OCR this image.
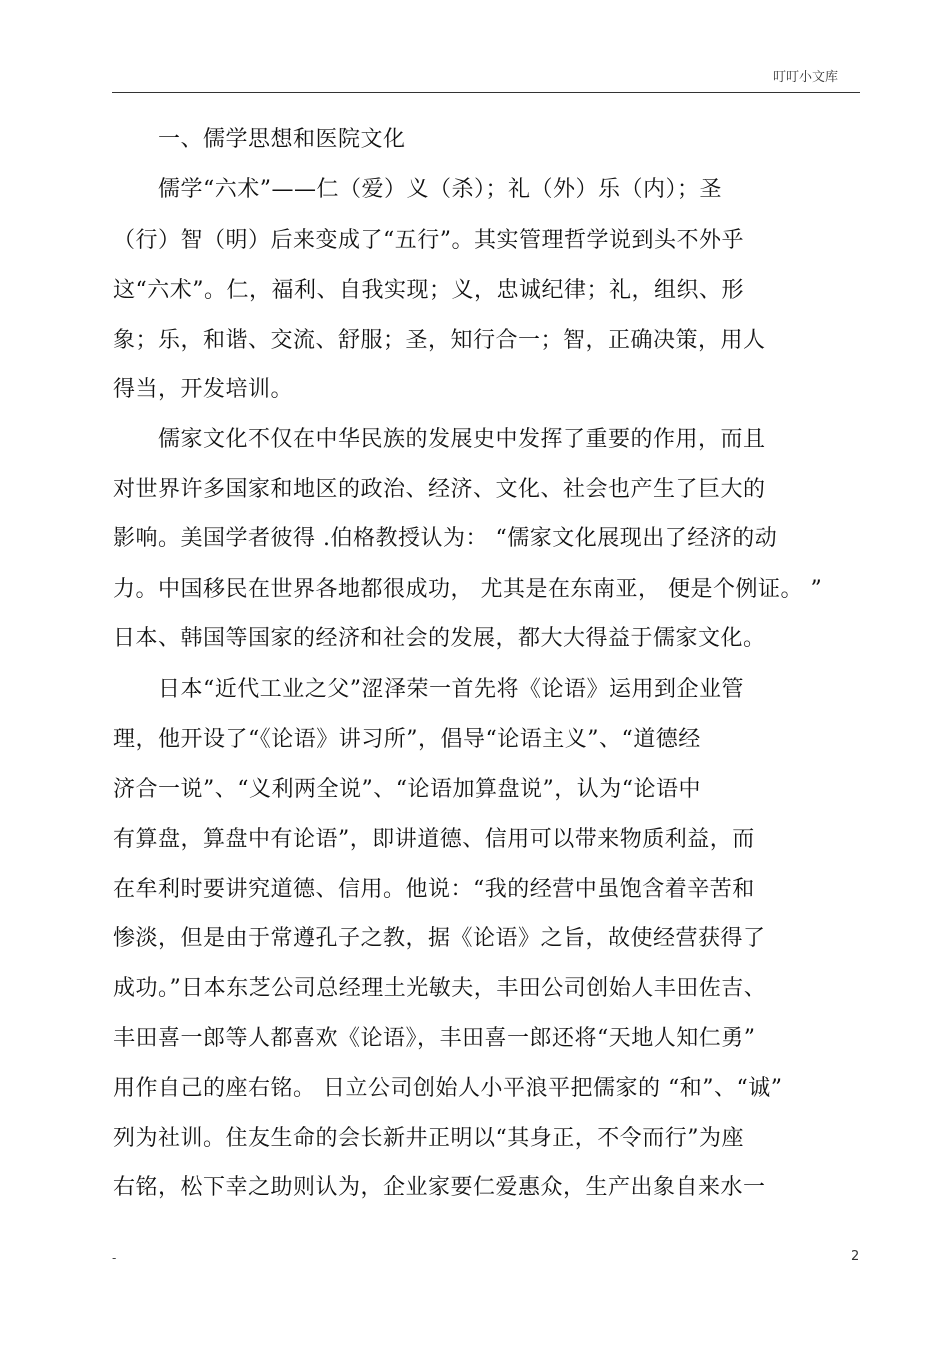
叮叮小文库
　　一、儒学思想和医院文化
　　儒学“六术”——仁（爱）义（杀）；礼（外）乐（内）；圣
（行）智（明）后来变成了“五行”。其实管理哲学说到头不外乎
这“六术”。仁，福利、自我实现；义，忠诚纪律；礼，组织、形
象；乐，和谐、交流、舒服；圣，知行合一；智，正确决策，用人
得当，开发培训。
　　儒家文化不仅在中华民族的发展史中发挥了重要的作用，而且
对世界许多国家和地区的政治、经济、文化、社会也产生了巨大的
影响。美国学者彼得 .伯格教授认为： “儒家文化展现出了经济的动
力。中国移民在世界各地都很成功， 尤其是在东南亚， 便是个例证。 ”
日本、韩国等国家的经济和社会的发展，都大大得益于儒家文化。
　　日本“近代工业之父”涩泽荣一首先将《论语》运用到企业管
理，他开设了“《论语》讲习所”，倡导“论语主义”、“道德经
济合一说”、“义利两全说”、“论语加算盘说”，认为“论语中
有算盘，算盘中有论语”，即讲道德、信用可以带来物质利益，而
在牟利时要讲究道德、信用。他说：“我的经营中虽饱含着辛苦和
惨淡，但是由于常遵孔子之教，据《论语》之旨，故使经营获得了
成功。”日本东芝公司总经理土光敏夫，丰田公司创始人丰田佐吉、
丰田喜一郎等人都喜欢《论语》，丰田喜一郎还将“天地人知仁勇”
用作自己的座右铭。 日立公司创始人小平浪平把儒家的 “和”、“诚”
列为社训。住友生命的会长新井正明以“其身正，不令而行”为座
右铭，松下幸之助则认为，企业家要仁爱惠众，生产出象自来水一
-	2
